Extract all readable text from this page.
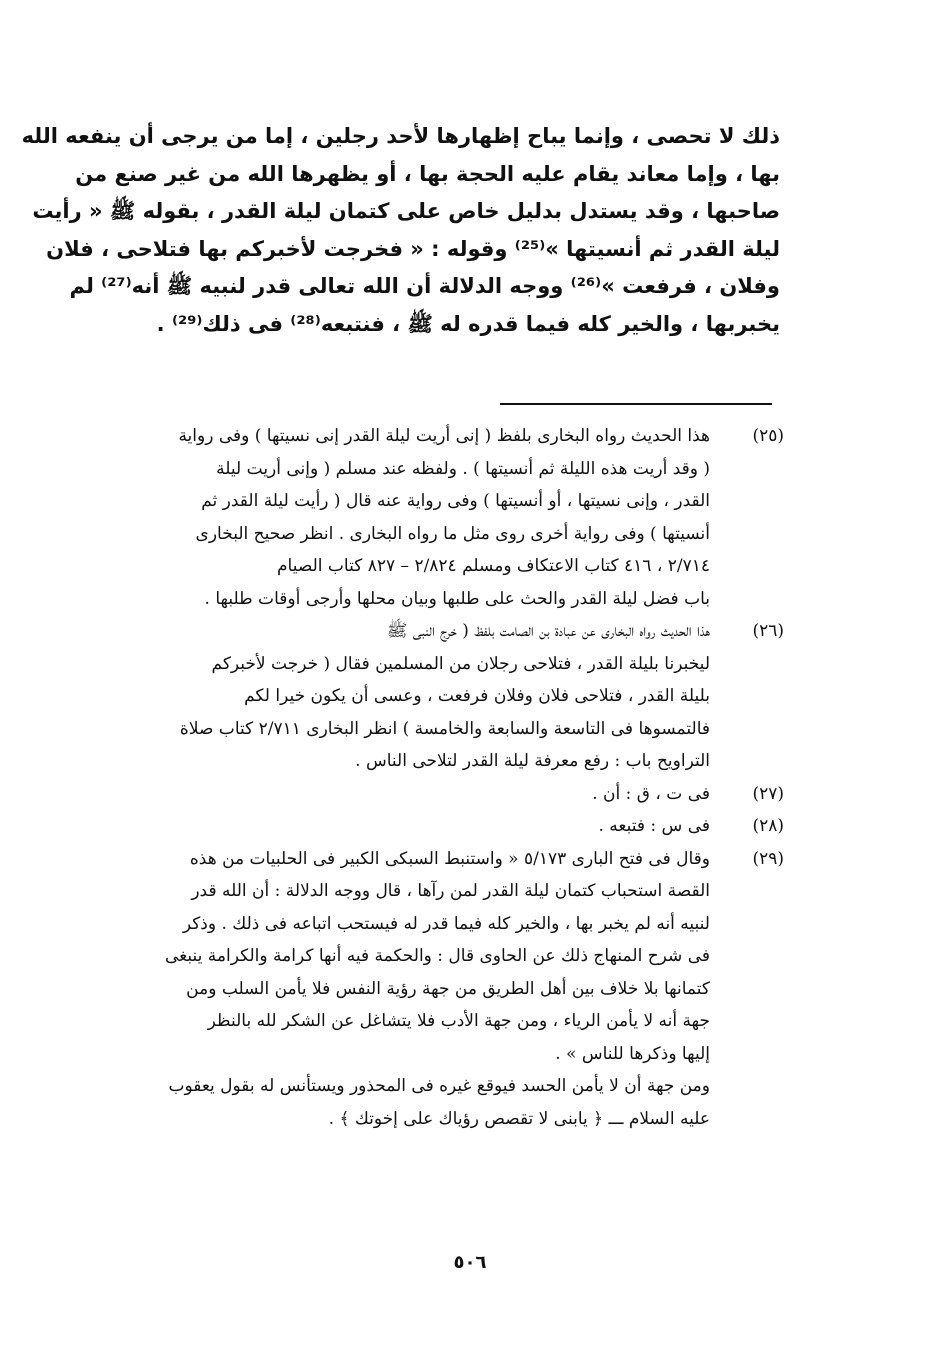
ذلك لا تحصى ، وإنما يباح إظهارها لأحد رجلين ، إما من يرجى أن ينفعه الله
بها ، وإما معاند يقام عليه الحجة بها ، أو يظهرها الله من غير صنع من
صاحبها ، وقد يستدل بدليل خاص على كتمان ليلة القدر ، بقوله ﷺ « رأيت
ليلة القدر ثم أنسيتها »⁽²⁵⁾ وقوله : « فخرجت لأخبركم بها فتلاحى ، فلان
وفلان ، فرفعت »⁽²⁶⁾ ووجه الدلالة أن الله تعالى قدر لنبيه ﷺ أنه⁽²⁷⁾ لم
يخبربها ، والخير كله فيما قدره له ﷺ ، فنتبعه⁽²⁸⁾ فى ذلك⁽²⁹⁾ .
(٢٥)
هذا الحديث رواه البخارى بلفظ ( إنى أريت ليلة القدر إنى نسيتها ) وفى رواية
( وقد أريت هذه الليلة ثم أنسيتها ) . ولفظه عند مسلم ( وإنى أريت ليلة
القدر ، وإنى نسيتها ، أو أنسيتها ) وفى رواية عنه قال ( رأيت ليلة القدر ثم
أنسيتها ) وفى رواية أخرى روى مثل ما رواه البخارى . انظر صحيح البخارى
٢/٧١٤ ، ٤١٦ كتاب الاعتكاف ومسلم ٢/٨٢٤ – ٨٢٧ كتاب الصيام
باب فضل ليلة القدر والحث على طلبها وبيان محلها وأرجى أوقات طلبها .
(٢٦)
هذا الحديث رواه البخارى عن عبادة بن الصامت بلفظ ( خرج النبى ﷺ
ليخبرنا بليلة القدر ، فتلاحى رجلان من المسلمين فقال ( خرجت لأخبركم
بليلة القدر ، فتلاحى فلان وفلان فرفعت ، وعسى أن يكون خيرا لكم
فالتمسوها فى التاسعة والسابعة والخامسة ) انظر البخارى ٢/٧١١ كتاب صلاة
التراويح باب : رفع معرفة ليلة القدر لتلاحى الناس .
(٢٧)
فى ت ، ق : أن .
(٢٨)
فى س : فتبعه .
(٢٩)
وقال فى فتح البارى ٥/١٧٣ « واستنبط السبكى الكبير فى الحلبيات من هذه
القصة استحباب كتمان ليلة القدر لمن رآها ، قال ووجه الدلالة : أن الله قدر
لنبيه أنه لم يخبر بها ، والخير كله فيما قدر له فيستحب اتباعه فى ذلك . وذكر
فى شرح المنهاج ذلك عن الحاوى قال : والحكمة فيه أنها كرامة والكرامة ينبغى
كتمانها بلا خلاف بين أهل الطريق من جهة رؤية النفس فلا يأمن السلب ومن
جهة أنه لا يأمن الرياء ، ومن جهة الأدب فلا يتشاغل عن الشكر لله بالنظر
إليها وذكرها للناس » .
ومن جهة أن لا يأمن الحسد فيوقع غيره فى المحذور ويستأنس له بقول يعقوب
عليه السلام ـــ ﴿ يابنى لا تقصص رؤياك على إخوتك ﴾ .
٥٠٦
